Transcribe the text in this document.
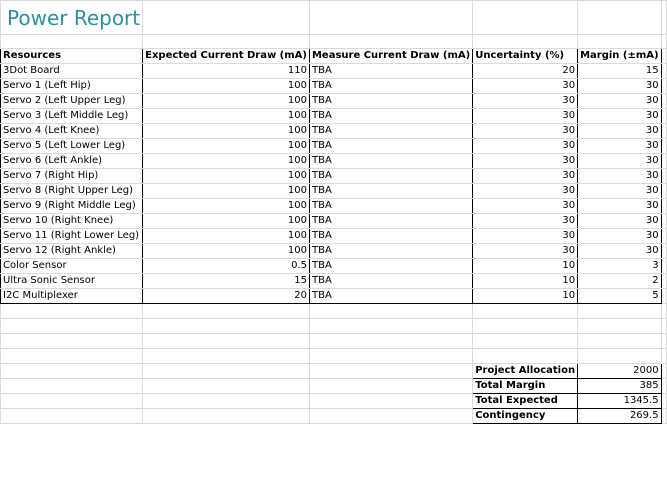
Power Report					

Resources	Expected Current Draw (mA)	Measure Current Draw (mA)	Uncertainty (%)	Margin (±mA)	
3Dot Board	110	TBA	20	15	
Servo 1 (Left Hip)	100	TBA	30	30	
Servo 2 (Left Upper Leg)	100	TBA	30	30	
Servo 3 (Left Middle Leg)	100	TBA	30	30	
Servo 4 (Left Knee)	100	TBA	30	30	
Servo 5 (Left Lower Leg)	100	TBA	30	30	
Servo 6 (Left Ankle)	100	TBA	30	30	
Servo 7 (Right Hip)	100	TBA	30	30	
Servo 8 (Right Upper Leg)	100	TBA	30	30	
Servo 9 (Right Middle Leg)	100	TBA	30	30	
Servo 10 (Right Knee)	100	TBA	30	30	
Servo 11 (Right Lower Leg)	100	TBA	30	30	
Servo 12 (Right Ankle)	100	TBA	30	30	
Color Sensor	0.5	TBA	10	3	
Ultra Sonic Sensor	15	TBA	10	2	
I2C Multiplexer	20	TBA	10	5	

			Project Allocation	2000	
			Total Margin	385	
			Total Expected	1345.5	
			Contingency	269.5	
